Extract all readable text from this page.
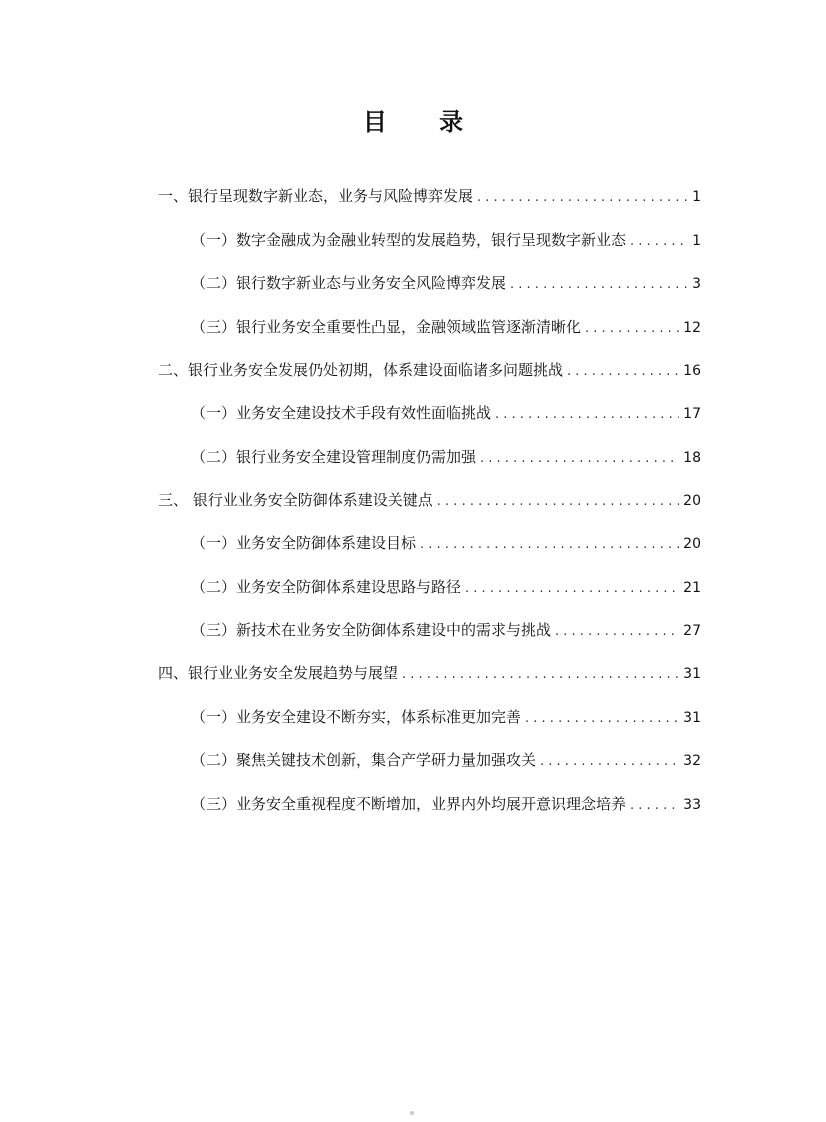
目 录
一、银行呈现数字新业态，业务与风险博弈发展 . . .	1
（一）数字金融成为金融业转型的发展趋势，银行呈现数字新业态 . . .	1
（二）银行数字新业态与业务安全风险博弈发展 . . .	3
（三）银行业务安全重要性凸显，金融领域监管逐渐清晰化 . . .	12
二、银行业务安全发展仍处初期，体系建设面临诸多问题挑战 . . .	16
（一）业务安全建设技术手段有效性面临挑战 . . .	17
（二）银行业务安全建设管理制度仍需加强 . . .	18
三、 银行业业务安全防御体系建设关键点 . . .	20
（一）业务安全防御体系建设目标 . . .	20
（二）业务安全防御体系建设思路与路径 . . .	21
（三）新技术在业务安全防御体系建设中的需求与挑战 . . .	27
四、银行业业务安全发展趋势与展望 . . .	31
（一）业务安全建设不断夯实，体系标准更加完善 . . .	31
（二）聚焦关键技术创新，集合产学研力量加强攻关 . . .	32
（三）业务安全重视程度不断增加，业界内外均展开意识理念培养 . . .	33
